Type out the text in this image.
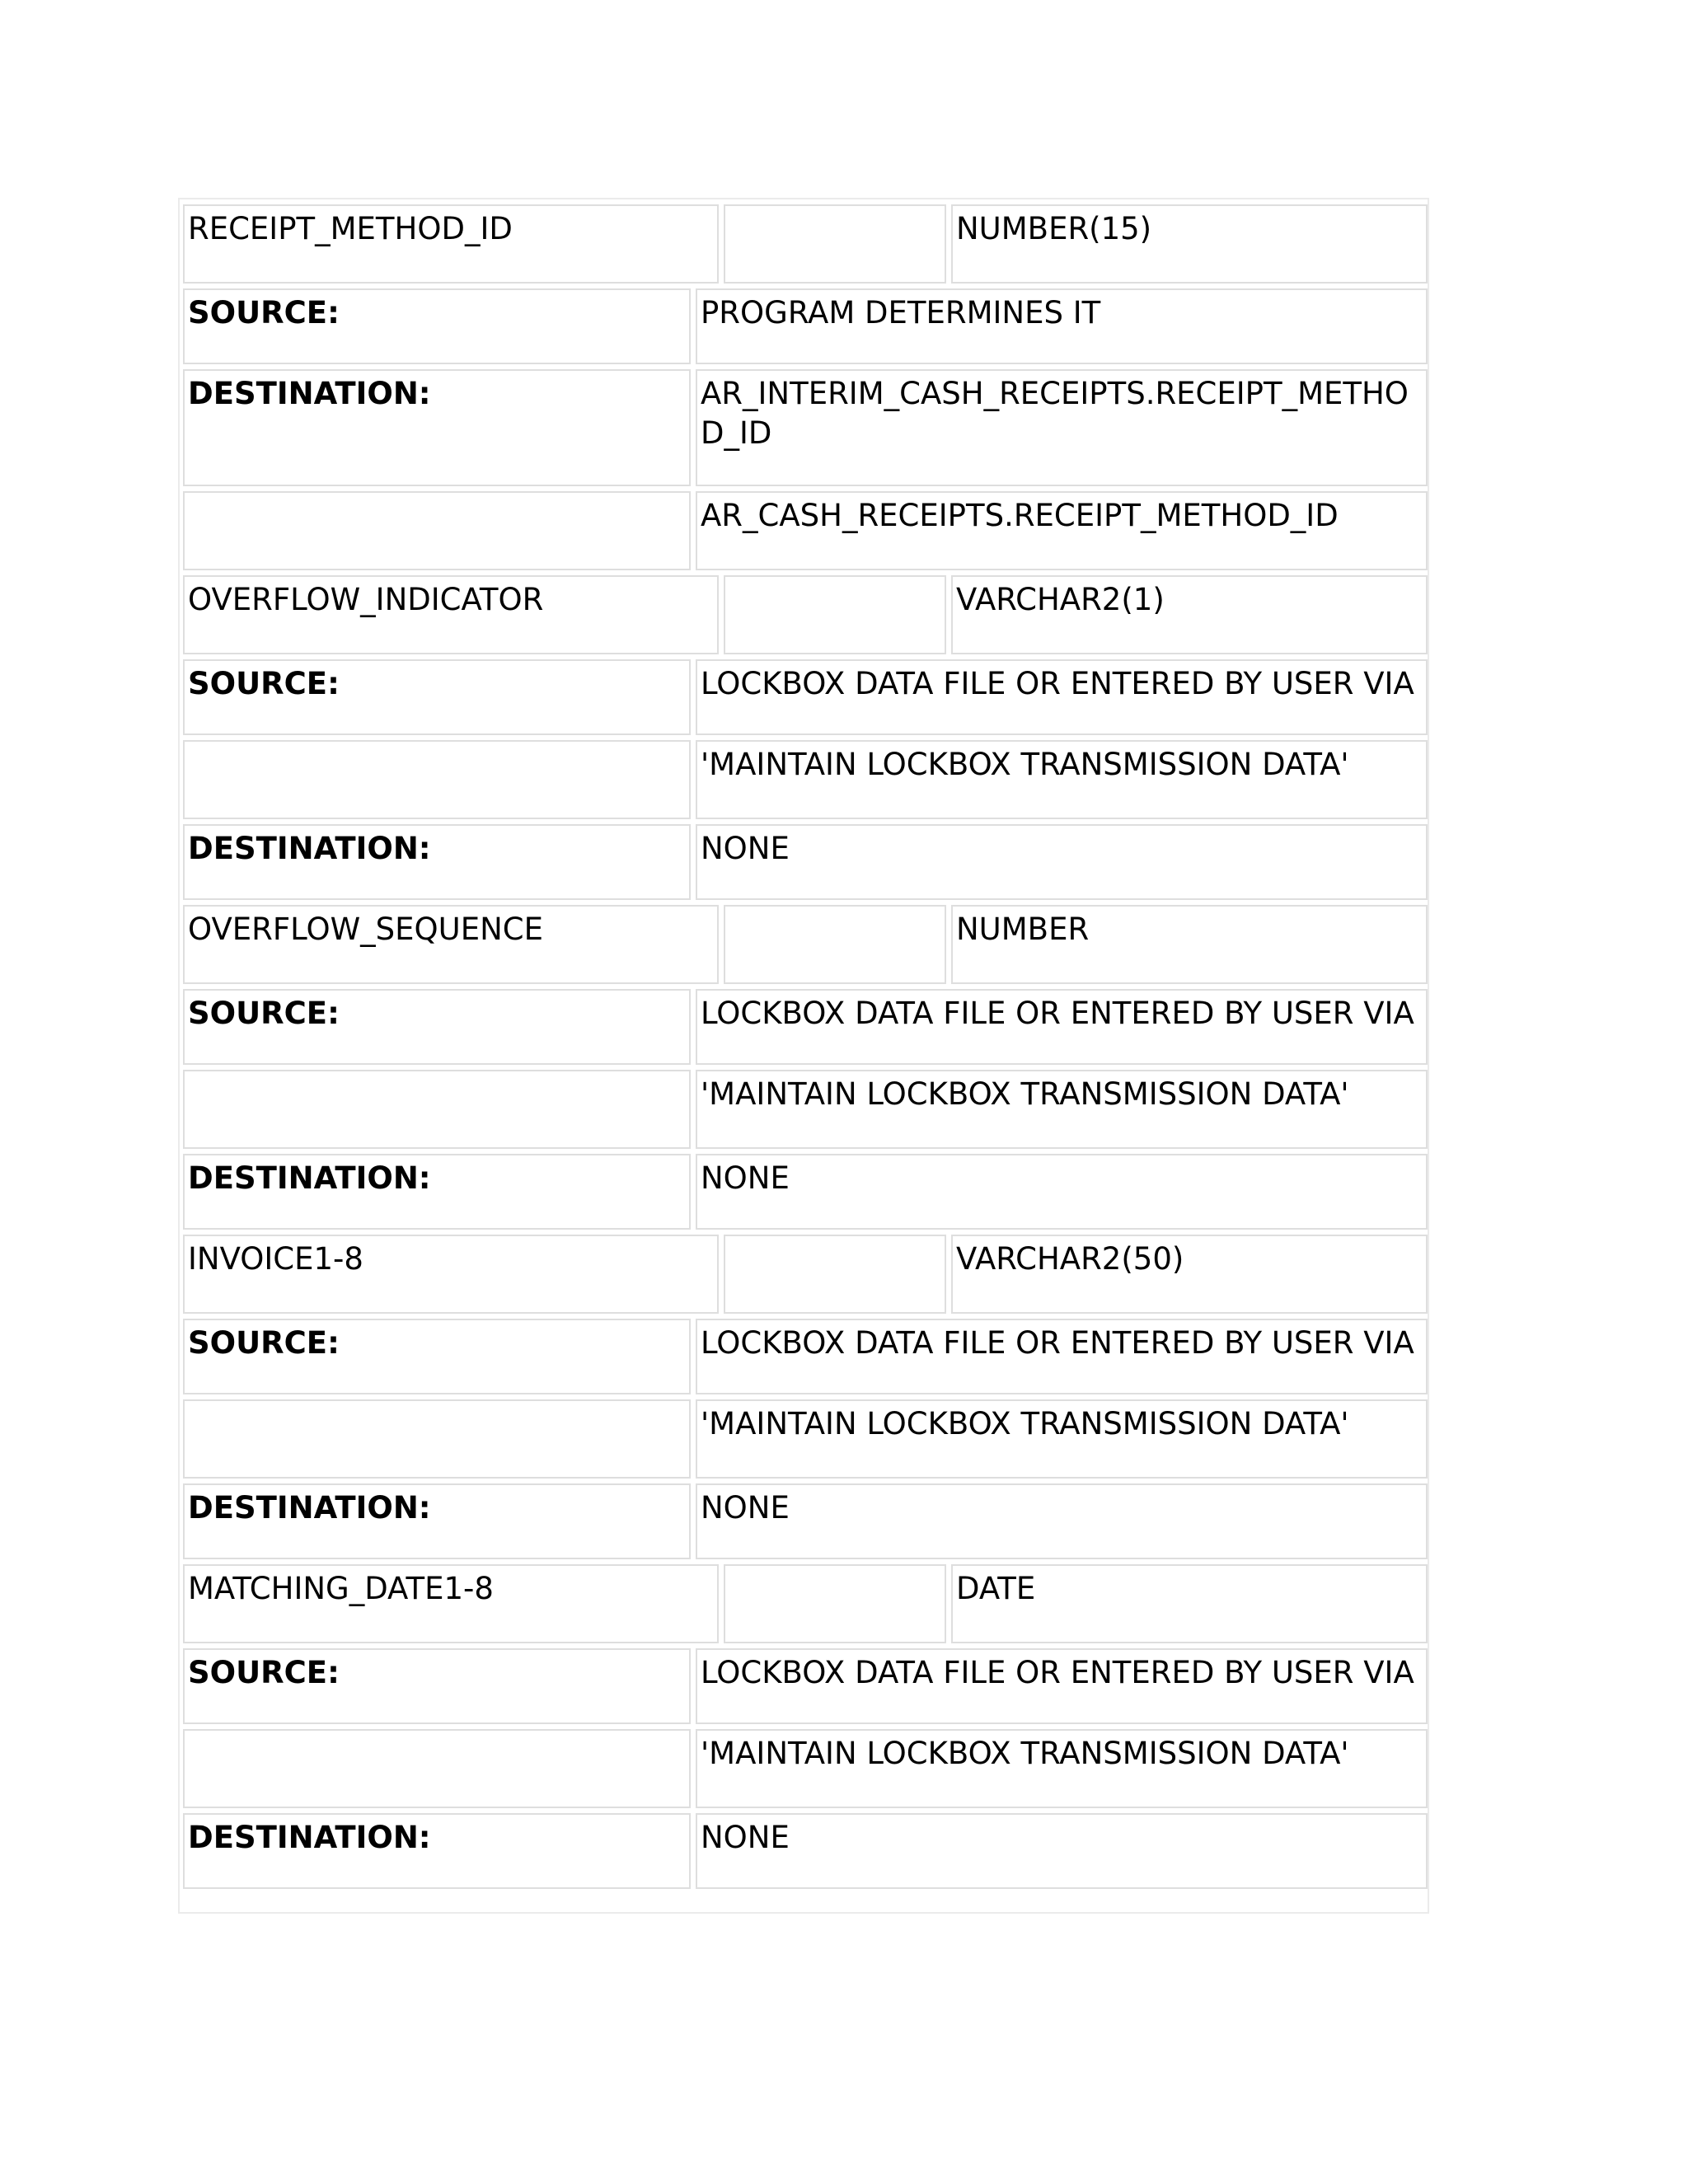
RECEIPT_METHOD_ID	NUMBER(15)
SOURCE:	PROGRAM DETERMINES IT
DESTINATION:	AR_INTERIM_CASH_RECEIPTS.RECEIPT_METHOD_ID
AR_CASH_RECEIPTS.RECEIPT_METHOD_ID
OVERFLOW_INDICATOR	VARCHAR2(1)
SOURCE:	LOCKBOX DATA FILE OR ENTERED BY USER VIA
'MAINTAIN LOCKBOX TRANSMISSION DATA'
DESTINATION:	NONE
OVERFLOW_SEQUENCE	NUMBER
SOURCE:	LOCKBOX DATA FILE OR ENTERED BY USER VIA
'MAINTAIN LOCKBOX TRANSMISSION DATA'
DESTINATION:	NONE
INVOICE1-8	VARCHAR2(50)
SOURCE:	LOCKBOX DATA FILE OR ENTERED BY USER VIA
'MAINTAIN LOCKBOX TRANSMISSION DATA'
DESTINATION:	NONE
MATCHING_DATE1-8	DATE
SOURCE:	LOCKBOX DATA FILE OR ENTERED BY USER VIA
'MAINTAIN LOCKBOX TRANSMISSION DATA'
DESTINATION:	NONE
